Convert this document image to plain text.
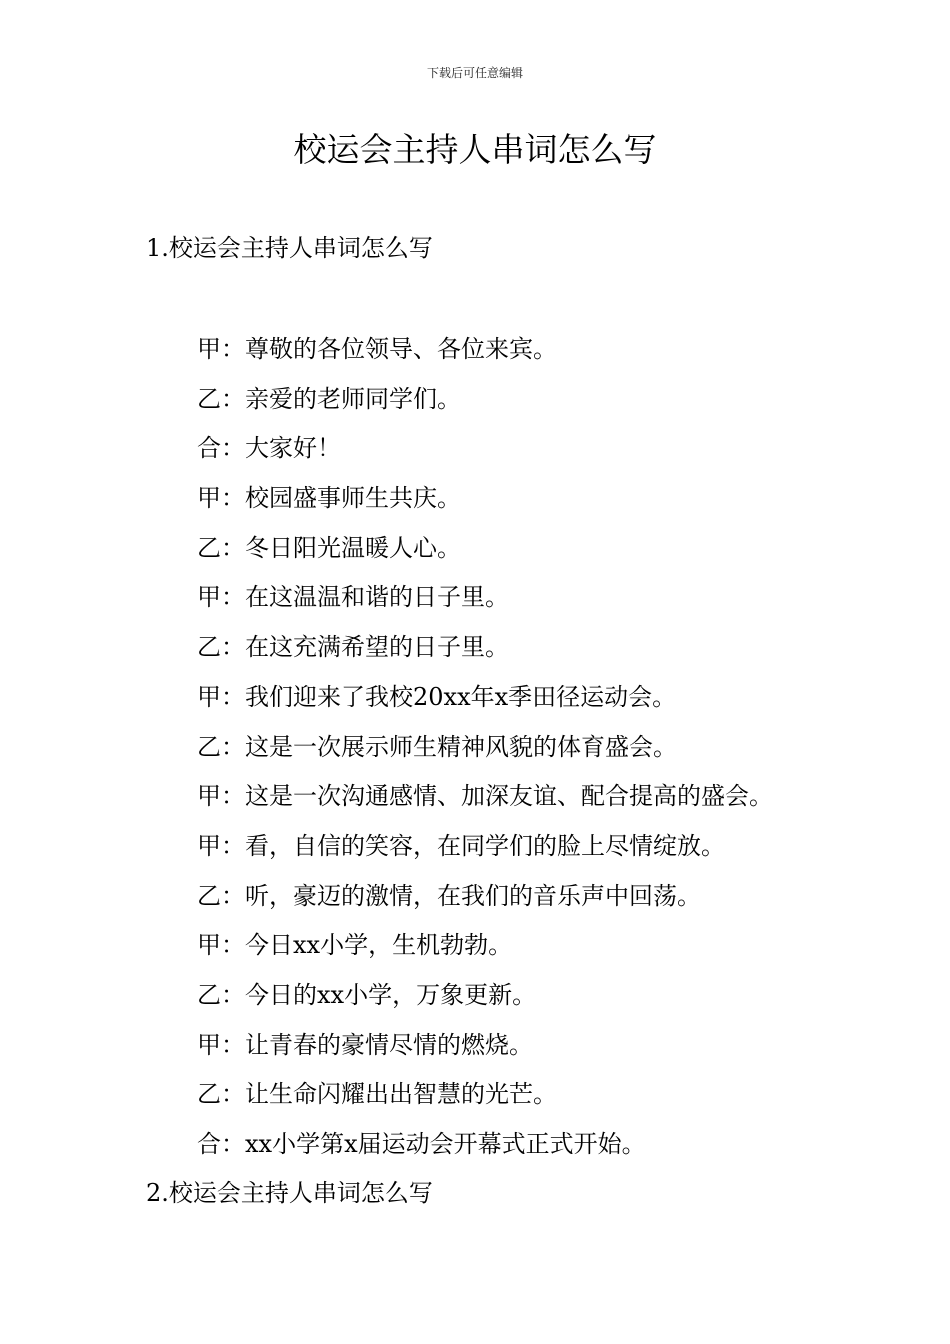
下载后可任意编辑
校运会主持人串词怎么写
1.校运会主持人串词怎么写
甲：尊敬的各位领导、各位来宾。
乙：亲爱的老师同学们。
合：大家好！
甲：校园盛事师生共庆。
乙：冬日阳光温暖人心。
甲：在这温温和谐的日子里。
乙：在这充满希望的日子里。
甲：我们迎来了我校20xx年x季田径运动会。
乙：这是一次展示师生精神风貌的体育盛会。
甲：这是一次沟通感情、加深友谊、配合提高的盛会。
甲：看，自信的笑容，在同学们的脸上尽情绽放。
乙：听，豪迈的激情，在我们的音乐声中回荡。
甲：今日xx小学，生机勃勃。
乙：今日的xx小学，万象更新。
甲：让青春的豪情尽情的燃烧。
乙：让生命闪耀出出智慧的光芒。
合：xx小学第x届运动会开幕式正式开始。
2.校运会主持人串词怎么写
